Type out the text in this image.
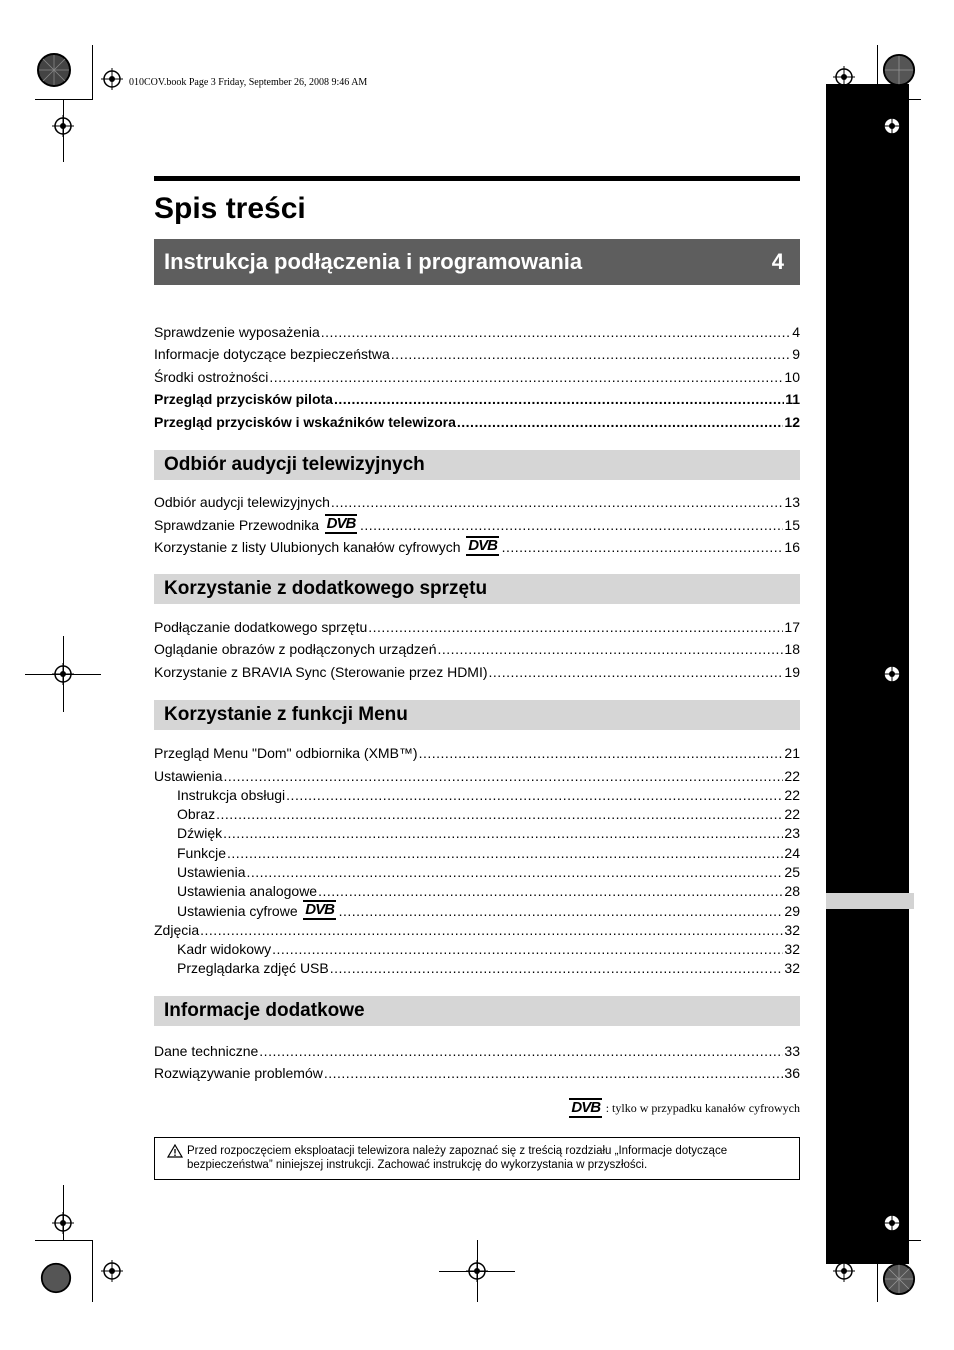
010COV.book Page 3 Friday, September 26, 2008 9:46 AM
Spis treści
Instrukcja podłączenia i programowania	4
Sprawdzenie wyposażenia .....	4
Informacje dotyczące bezpieczeństwa .....	9
Środki ostrożności .....	10
Przegląd przycisków pilota .....	11
Przegląd przycisków i wskaźników telewizora .....	12
Odbiór audycji telewizyjnych
Odbiór audycji telewizyjnych .....	13
Sprawdzanie Przewodnika DVB .....	15
Korzystanie z listy Ulubionych kanałów cyfrowych DVB .....	16
Korzystanie z dodatkowego sprzętu
Podłączanie dodatkowego sprzętu .....	17
Oglądanie obrazów z podłączonych urządzeń .....	18
Korzystanie z BRAVIA Sync (Sterowanie przez HDMI) .....	19
Korzystanie z funkcji Menu
Przegląd Menu "Dom" odbiornika (XMB™) .....	21
Ustawienia .....	22
Instrukcja obsługi .....	22
Obraz .....	22
Dźwięk .....	23
Funkcje .....	24
Ustawienia .....	25
Ustawienia analogowe .....	28
Ustawienia cyfrowe DVB .....	29
Zdjęcia .....	32
Kadr widokowy .....	32
Przeglądarka zdjęć USB .....	32
Informacje dodatkowe
Dane techniczne .....	33
Rozwiązywanie problemów .....	36
DVB : tylko w przypadku kanałów cyfrowych
Przed rozpoczęciem eksploatacji telewizora należy zapoznać się z treścią rozdziału „Informacje dotyczące bezpieczeństwa” niniejszej instrukcji. Zachować instrukcję do wykorzystania w przyszłości.
